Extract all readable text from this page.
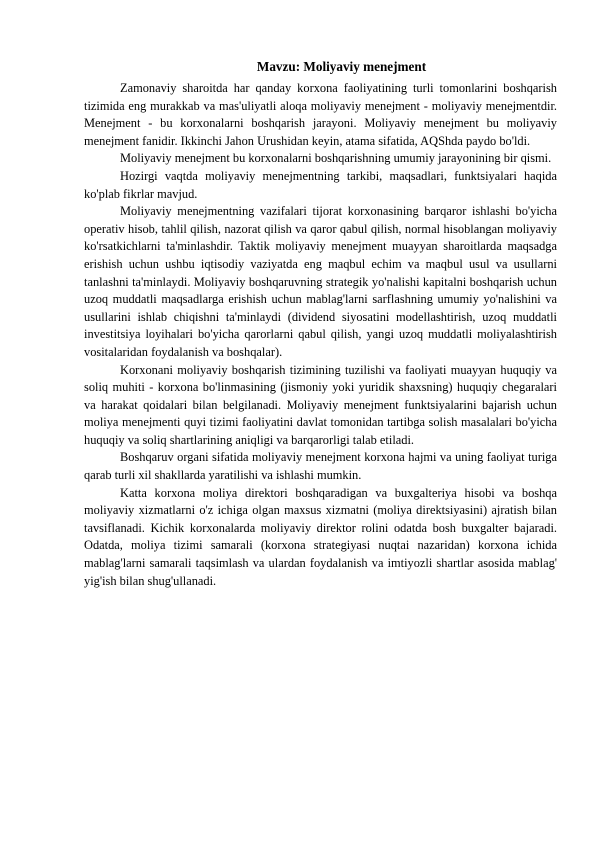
Mavzu: Moliyaviy menejment

Zamonaviy sharoitda har qanday korxona faoliyatining turli tomonlarini boshqarish tizimida eng murakkab va mas'uliyatli aloqa moliyaviy menejment - moliyaviy menejmentdir. Menejment - bu korxonalarni boshqarish jarayoni. Moliyaviy menejment bu moliyaviy menejment fanidir. Ikkinchi Jahon Urushidan keyin, atama sifatida, AQShda paydo bo'ldi.

Moliyaviy menejment bu korxonalarni boshqarishning umumiy jarayonining bir qismi.

Hozirgi vaqtda moliyaviy menejmentning tarkibi, maqsadlari, funktsiyalari haqida ko'plab fikrlar mavjud.

Moliyaviy menejmentning vazifalari tijorat korxonasining barqaror ishlashi bo'yicha operativ hisob, tahlil qilish, nazorat qilish va qaror qabul qilish, normal hisoblangan moliyaviy ko'rsatkichlarni ta'minlashdir. Taktik moliyaviy menejment muayyan sharoitlarda maqsadga erishish uchun ushbu iqtisodiy vaziyatda eng maqbul echim va maqbul usul va usullarni tanlashni ta'minlaydi. Moliyaviy boshqaruvning strategik yo'nalishi kapitalni boshqarish uchun uzoq muddatli maqsadlarga erishish uchun mablag'larni sarflashning umumiy yo'nalishini va usullarini ishlab chiqishni ta'minlaydi (dividend siyosatini modellashtirish, uzoq muddatli investitsiya loyihalari bo'yicha qarorlarni qabul qilish, yangi uzoq muddatli moliyalashtirish vositalaridan foydalanish va boshqalar).

Korxonani moliyaviy boshqarish tizimining tuzilishi va faoliyati muayyan huquqiy va soliq muhiti - korxona bo'linmasining (jismoniy yoki yuridik shaxsning) huquqiy chegaralari va harakat qoidalari bilan belgilanadi. Moliyaviy menejment funktsiyalarini bajarish uchun moliya menejmenti quyi tizimi faoliyatini davlat tomonidan tartibga solish masalalari bo'yicha huquqiy va soliq shartlarining aniqligi va barqarorligi talab etiladi.

Boshqaruv organi sifatida moliyaviy menejment korxona hajmi va uning faoliyat turiga qarab turli xil shakllarda yaratilishi va ishlashi mumkin.

Katta korxona moliya direktori boshqaradigan va buxgalteriya hisobi va boshqa moliyaviy xizmatlarni o'z ichiga olgan maxsus xizmatni (moliya direktsiyasini) ajratish bilan tavsiflanadi. Kichik korxonalarda moliyaviy direktor rolini odatda bosh buxgalter bajaradi. Odatda, moliya tizimi samarali (korxona strategiyasi nuqtai nazaridan) korxona ichida mablag'larni samarali taqsimlash va ulardan foydalanish va imtiyozli shartlar asosida mablag' yig'ish bilan shug'ullanadi.
